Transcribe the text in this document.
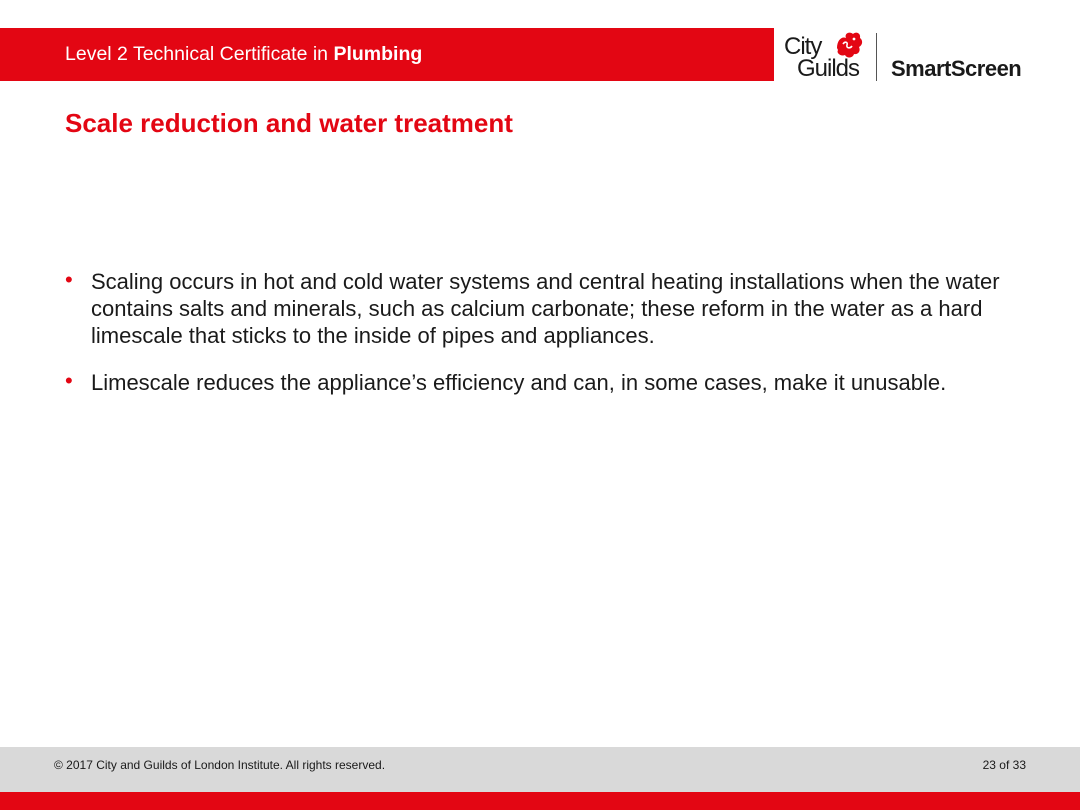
Level 2 Technical Certificate in Plumbing	City
Guilds SmartScreen
Scale reduction and water treatment
• Scaling occurs in hot and cold water systems and central heating installations when the water contains salts and minerals, such as calcium carbonate; these reform in the water as a hard limescale that sticks to the inside of pipes and appliances.
• Limescale reduces the appliance’s efficiency and can, in some cases, make it unusable.
© 2017 City and Guilds of London Institute. All rights reserved.	23 of 33
